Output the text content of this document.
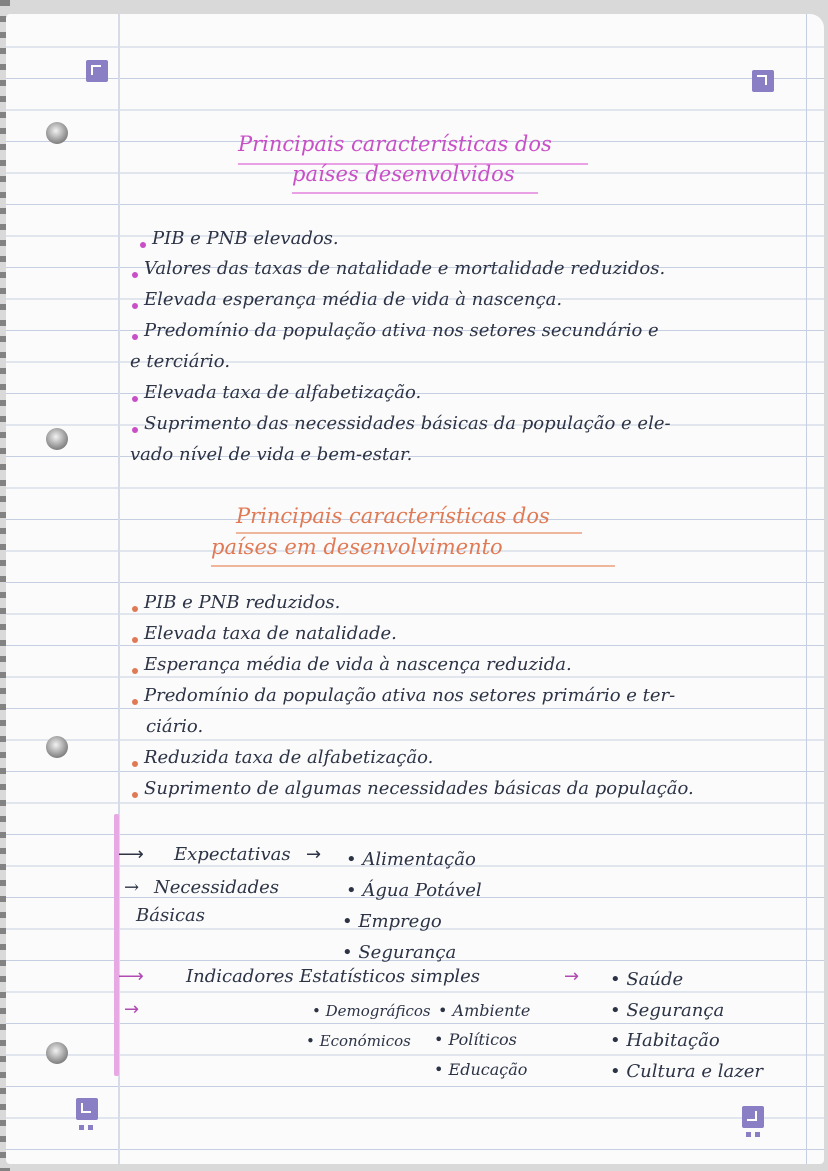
Principais características dos
países desenvolvidos
PIB e PNB elevados.
Valores das taxas de natalidade e mortalidade reduzidos.
Elevada esperança média de vida à nascença.
Predomínio da população ativa nos setores secundário e
e terciário.
Elevada taxa de alfabetização.
Suprimento das necessidades básicas da população e ele-
vado nível de vida e bem-estar.
Principais características dos
países em desenvolvimento
PIB e PNB reduzidos.
Elevada taxa de natalidade.
Esperança média de vida à nascença reduzida.
Predomínio da população ativa nos setores primário e ter-
ciário.
Reduzida taxa de alfabetização.
Suprimento de algumas necessidades básicas da população.
⟶ Expectativas →
→ Necessidades
Básicas
• Alimentação
• Água Potável
• Emprego
• Segurança
⟶ Indicadores Estatísticos simples	→
→	• Demográficos
• Económicos
• Ambiente
• Políticos
• Educação
• Saúde
• Segurança
• Habitação
• Cultura e lazer
